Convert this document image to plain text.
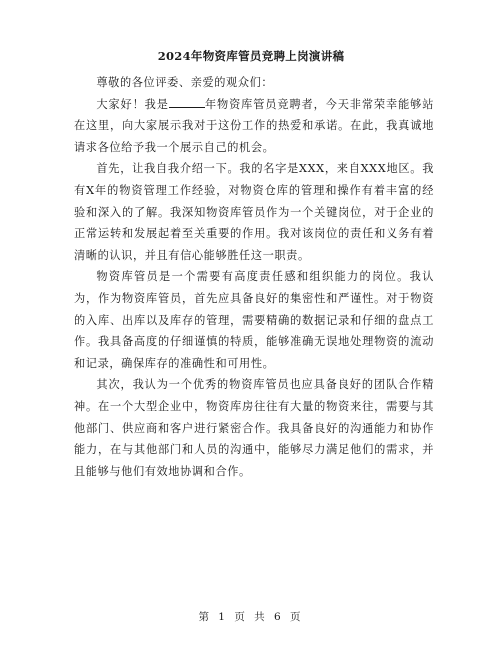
2024年物资库管员竞聘上岗演讲稿

尊敬的各位评委、亲爱的观众们：

大家好！我是	年物资库管员竞聘者，今天非常荣幸能够站在这里，向大家展示我对于这份工作的热爱和承诺。在此，我真诚地请求各位给予我一个展示自己的机会。

首先，让我自我介绍一下。我的名字是XXX，来自XXX地区。我有X年的物资管理工作经验，对物资仓库的管理和操作有着丰富的经验和深入的了解。我深知物资库管员作为一个关键岗位，对于企业的正常运转和发展起着至关重要的作用。我对该岗位的责任和义务有着清晰的认识，并且有信心能够胜任这一职责。

物资库管员是一个需要有高度责任感和组织能力的岗位。我认为，作为物资库管员，首先应具备良好的集密性和严谨性。对于物资的入库、出库以及库存的管理，需要精确的数据记录和仔细的盘点工作。我具备高度的仔细谨慎的特质，能够准确无误地处理物资的流动和记录，确保库存的准确性和可用性。

其次，我认为一个优秀的物资库管员也应具备良好的团队合作精神。在一个大型企业中，物资库房往往有大量的物资来往，需要与其他部门、供应商和客户进行紧密合作。我具备良好的沟通能力和协作能力，在与其他部门和人员的沟通中，能够尽力满足他们的需求，并且能够与他们有效地协调和合作。

第 1 页 共 6 页
